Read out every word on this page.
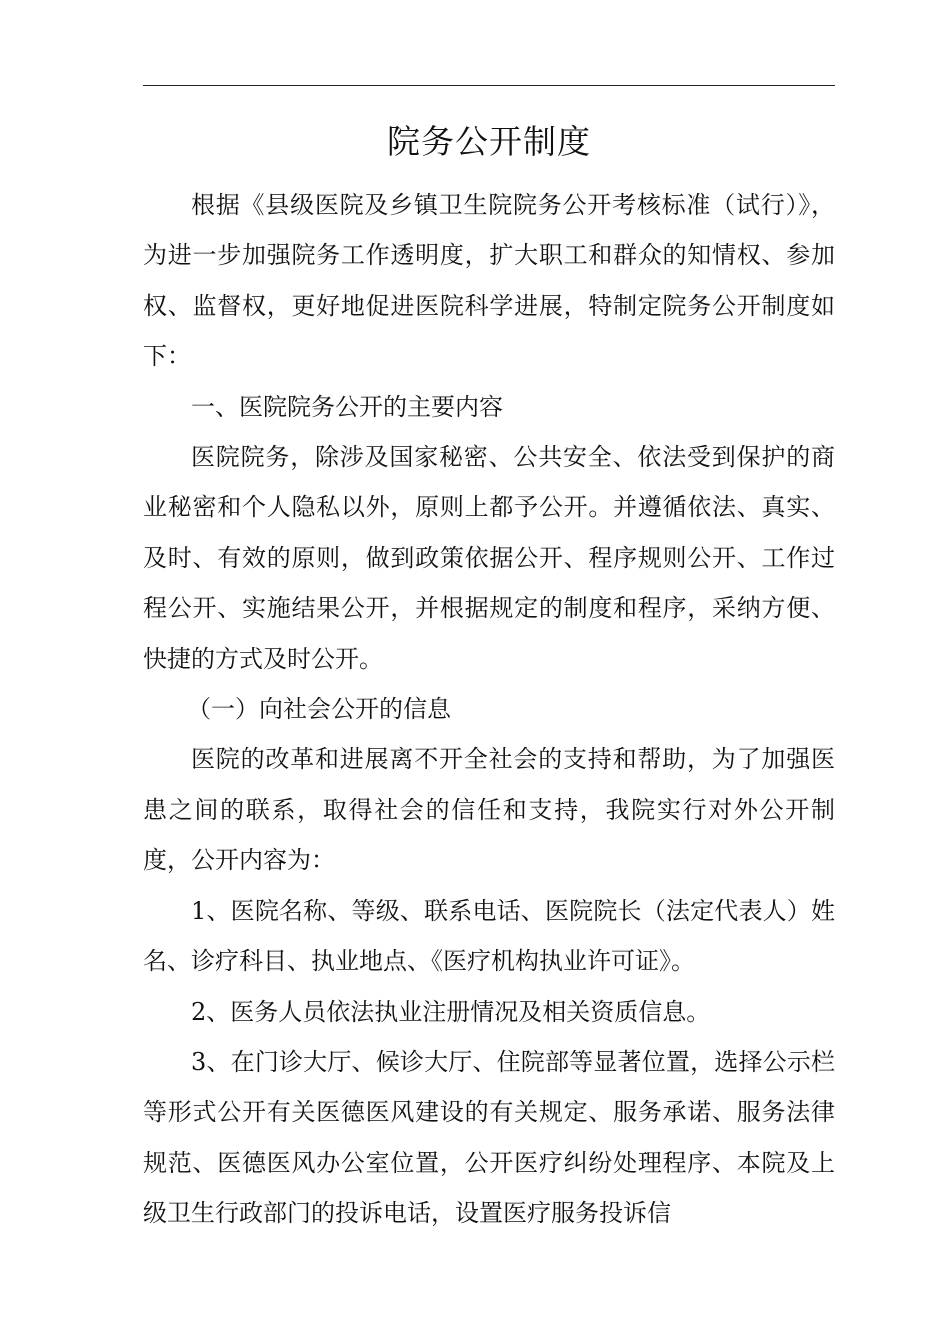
院务公开制度

根据《县级医院及乡镇卫生院院务公开考核标准（试行）》，为进一步加强院务工作透明度，扩大职工和群众的知情权、参加权、监督权，更好地促进医院科学进展，特制定院务公开制度如下：

一、医院院务公开的主要内容

医院院务，除涉及国家秘密、公共安全、依法受到保护的商业秘密和个人隐私以外，原则上都予公开。并遵循依法、真实、及时、有效的原则，做到政策依据公开、程序规则公开、工作过程公开、实施结果公开，并根据规定的制度和程序，采纳方便、快捷的方式及时公开。

（一）向社会公开的信息

医院的改革和进展离不开全社会的支持和帮助，为了加强医患之间的联系，取得社会的信任和支持，我院实行对外公开制度，公开内容为：

1、医院名称、等级、联系电话、医院院长（法定代表人）姓名、诊疗科目、执业地点、《医疗机构执业许可证》。

2、医务人员依法执业注册情况及相关资质信息。

3、在门诊大厅、候诊大厅、住院部等显著位置，选择公示栏等形式公开有关医德医风建设的有关规定、服务承诺、服务法律规范、医德医风办公室位置，公开医疗纠纷处理程序、本院及上级卫生行政部门的投诉电话，设置医疗服务投诉信
